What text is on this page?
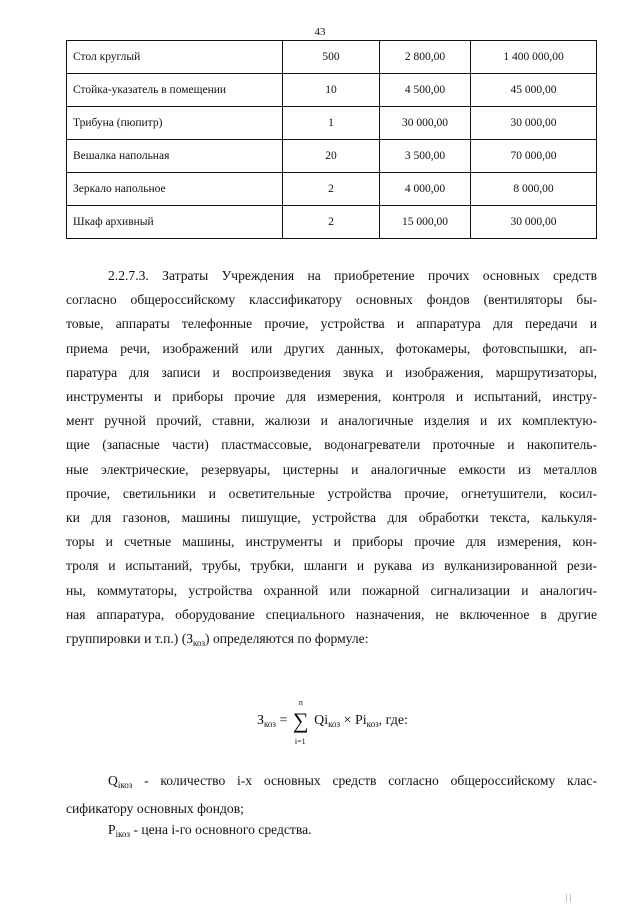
43
Стол круглый	500	2 800,00	1 400 000,00
Стойка-указатель в помещении	10	4 500,00	45 000,00
Трибуна (пюпитр)	1	30 000,00	30 000,00
Вешалка напольная	20	3 500,00	70 000,00
Зеркало напольное	2	4 000,00	8 000,00
Шкаф архивный	2	15 000,00	30 000,00

2.2.7.3. Затраты Учреждения на приобретение прочих основных средств

согласно общероссийскому классификатору основных фондов (вентиляторы бы-

товые, аппараты телефонные прочие, устройства и аппаратура для передачи и

приема речи, изображений или других данных, фотокамеры, фотовспышки, ап-

паратура для записи и воспроизведения звука и изображения, маршрутизаторы,

инструменты и приборы прочие для измерения, контроля и испытаний, инстру-

мент ручной прочий, ставни, жалюзи и аналогичные изделия и их комплектую-

щие (запасные части) пластмассовые, водонагреватели проточные и накопитель-

ные электрические, резервуары, цистерны и аналогичные емкости из металлов

прочие, светильники и осветительные устройства прочие, огнетушители, косил-

ки для газонов, машины пишущие, устройства для обработки текста, калькуля-

торы и счетные машины, инструменты и приборы прочие для измерения, кон-

троля и испытаний, трубы, трубки, шланги и рукава из вулканизированной рези-

ны, коммутаторы, устройства охранной или пожарной сигнализации и аналогич-

ная аппаратура, оборудование специального назначения, не включенное в другие

группировки и т.п.) $(З_{коз})$ определяются по формуле:

$З_{коз}$ = ∑
n
i=1
$Qi_{коз} \times Pi_{коз}$, где:

$Q_{iкоз}$ - количество i-х основных средств согласно общероссийскому клас-

сификатору основных фондов;

$P_{iкоз}$ - цена i-го основного средства.

| |
